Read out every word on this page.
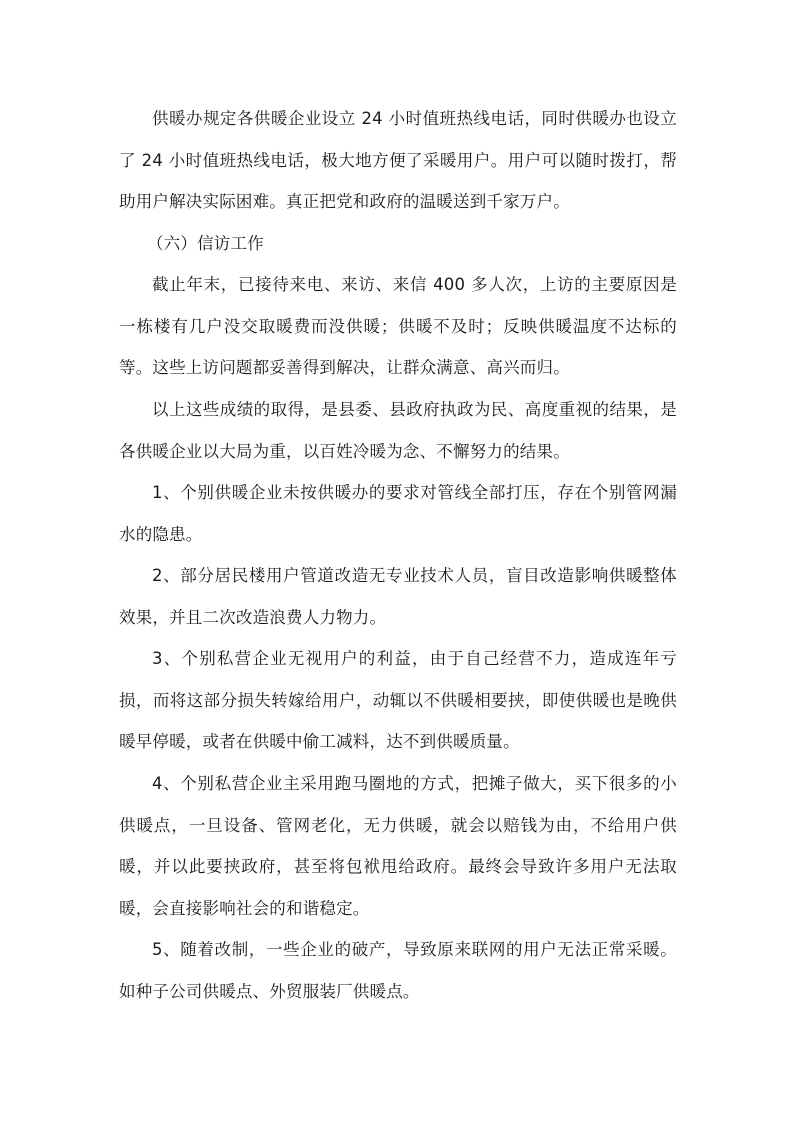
供暖办规定各供暖企业设立 24 小时值班热线电话，同时供暖办也设立了 24 小时值班热线电话，极大地方便了采暖用户。用户可以随时拨打，帮助用户解决实际困难。真正把党和政府的温暖送到千家万户。

（六）信访工作

截止年末，已接待来电、来访、来信 400 多人次，上访的主要原因是一栋楼有几户没交取暖费而没供暖；供暖不及时；反映供暖温度不达标的等。这些上访问题都妥善得到解决，让群众满意、高兴而归。

以上这些成绩的取得，是县委、县政府执政为民、高度重视的结果，是各供暖企业以大局为重，以百姓冷暖为念、不懈努力的结果。

1、个别供暖企业未按供暖办的要求对管线全部打压，存在个别管网漏水的隐患。

2、部分居民楼用户管道改造无专业技术人员，盲目改造影响供暖整体效果，并且二次改造浪费人力物力。

3、个别私营企业无视用户的利益，由于自己经营不力，造成连年亏损，而将这部分损失转嫁给用户，动辄以不供暖相要挟，即使供暖也是晚供暖早停暖，或者在供暖中偷工减料，达不到供暖质量。

4、个别私营企业主采用跑马圈地的方式，把摊子做大，买下很多的小供暖点，一旦设备、管网老化，无力供暖，就会以赔钱为由，不给用户供暖，并以此要挟政府，甚至将包袱甩给政府。最终会导致许多用户无法取暖，会直接影响社会的和谐稳定。

5、随着改制，一些企业的破产，导致原来联网的用户无法正常采暖。如种子公司供暖点、外贸服装厂供暖点。
